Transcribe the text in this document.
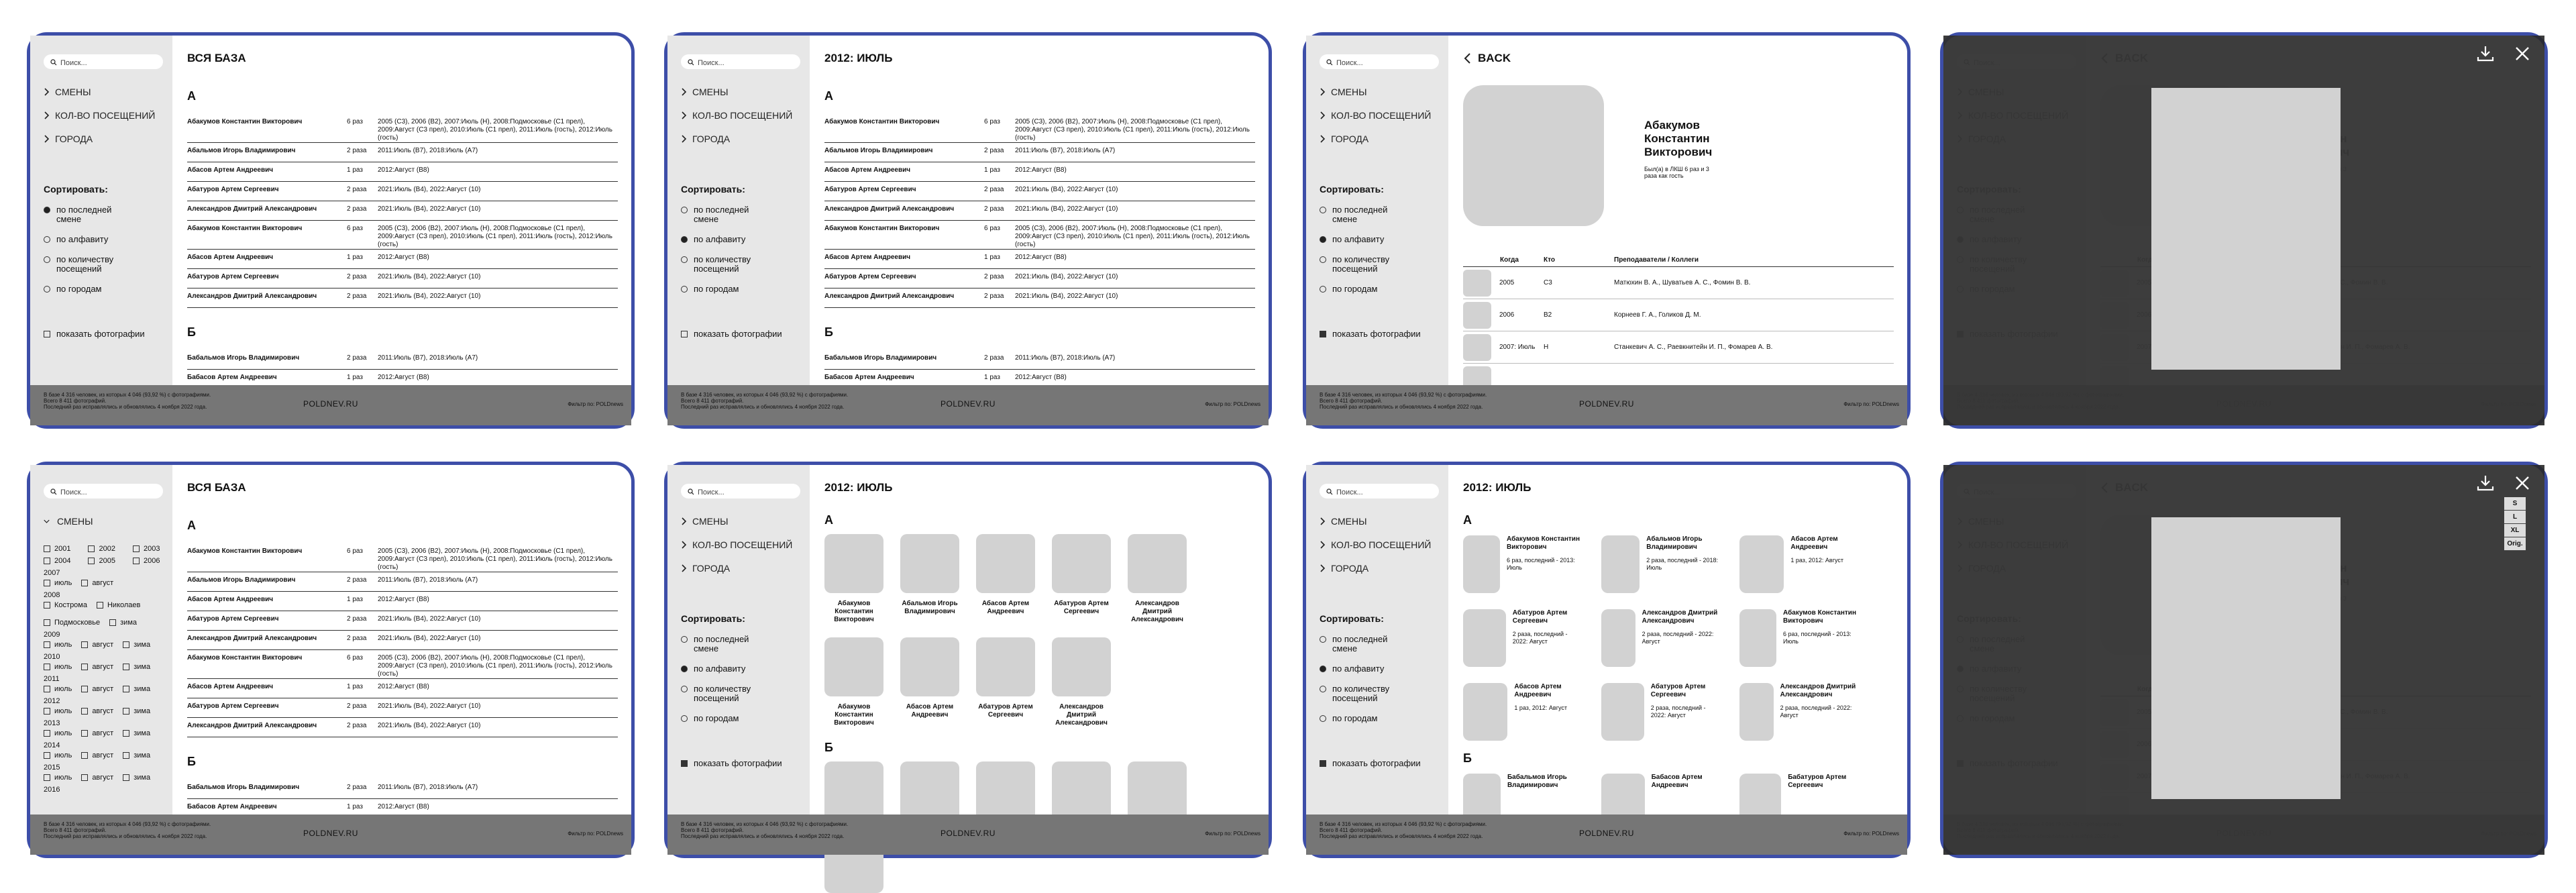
Поиск...
СМЕНЫ
КОЛ-ВО ПОСЕЩЕНИЙ
ГОРОДА
Сортировать:
по последней смене
по алфавиту
по количеству посещений
по городам
показать фотографии
ВСЯ БАЗА
А
Абакумов Константин Викторович	6 раз	2005 (С3), 2006 (В2), 2007:Июль (Н), 2008:Подмосковье (С1 прел), 2009:Август (С3 прел), 2010:Июль (С1 прел), 2011:Июль (гость), 2012:Июль (гость)
Абальмов Игорь Владимирович	2 раза	2011:Июль (В7), 2018:Июль (А7)
Абасов Артем Андреевич	1 раз	2012:Август (В8)
Абатуров Артем Сергеевич	2 раза	2021:Июль (В4), 2022:Август (10)
Александров Дмитрий Александрович	2 раза	2021:Июль (В4), 2022:Август (10)
Абакумов Константин Викторович	6 раз	2005 (С3), 2006 (В2), 2007:Июль (Н), 2008:Подмосковье (С1 прел), 2009:Август (С3 прел), 2010:Июль (С1 прел), 2011:Июль (гость), 2012:Июль (гость)
Абасов Артем Андреевич	1 раз	2012:Август (В8)
Абатуров Артем Сергеевич	2 раза	2021:Июль (В4), 2022:Август (10)
Александров Дмитрий Александрович	2 раза	2021:Июль (В4), 2022:Август (10)
Б
Бабальмов Игорь Владимирович	2 раза	2011:Июль (В7), 2018:Июль (А7)
Бабасов Артем Андреевич	1 раз	2012:Август (В8)
В базе 4 316 человек, из которых 4 046 (93,92 %) с фотографиями.
Всего 8 411 фотографий.
Последний раз исправлялись и обновлялись 4 ноября 2022 года.	POLDNEV.RU	Фильтр по: POLDnews
Поиск...
СМЕНЫ
КОЛ-ВО ПОСЕЩЕНИЙ
ГОРОДА
Сортировать:
по последней смене
по алфавиту
по количеству посещений
по городам
показать фотографии
2012: ИЮЛЬ
А
Абакумов Константин Викторович	6 раз	2005 (С3), 2006 (В2), 2007:Июль (Н), 2008:Подмосковье (С1 прел), 2009:Август (С3 прел), 2010:Июль (С1 прел), 2011:Июль (гость), 2012:Июль (гость)
Абальмов Игорь Владимирович	2 раза	2011:Июль (В7), 2018:Июль (А7)
Абасов Артем Андреевич	1 раз	2012:Август (В8)
Абатуров Артем Сергеевич	2 раза	2021:Июль (В4), 2022:Август (10)
Александров Дмитрий Александрович	2 раза	2021:Июль (В4), 2022:Август (10)
Абакумов Константин Викторович	6 раз	2005 (С3), 2006 (В2), 2007:Июль (Н), 2008:Подмосковье (С1 прел), 2009:Август (С3 прел), 2010:Июль (С1 прел), 2011:Июль (гость), 2012:Июль (гость)
Абасов Артем Андреевич	1 раз	2012:Август (В8)
Абатуров Артем Сергеевич	2 раза	2021:Июль (В4), 2022:Август (10)
Александров Дмитрий Александрович	2 раза	2021:Июль (В4), 2022:Август (10)
Б
Бабальмов Игорь Владимирович	2 раза	2011:Июль (В7), 2018:Июль (А7)
Бабасов Артем Андреевич	1 раз	2012:Август (В8)
В базе 4 316 человек, из которых 4 046 (93,92 %) с фотографиями.
Всего 8 411 фотографий.
Последний раз исправлялись и обновлялись 4 ноября 2022 года.	POLDNEV.RU	Фильтр по: POLDnews
Поиск...
СМЕНЫ
КОЛ-ВО ПОСЕЩЕНИЙ
ГОРОДА
Сортировать:
по последней смене
по алфавиту
по количеству посещений
по городам
показать фотографии
BACK
Абакумов Константин Викторович
Был(а) в ЛКШ 6 раз и 3 раза как гость
Когда	Кто	Преподаватели / Коллеги
2005	С3	Матюхин В. А., Шуватьев А. С., Фомин В. В.
2006	В2	Корнеев Г. А., Голиков Д. М.
2007: Июль	Н	Станкевич А. С., Раевкнитейн И. П., Фомарев А. В.
В базе 4 316 человек, из которых 4 046 (93,92 %) с фотографиями.
Всего 8 411 фотографий.
Последний раз исправлялись и обновлялись 4 ноября 2022 года.	POLDNEV.RU	Фильтр по: POLDnews
Поиск...
СМЕНЫ
2001	2002	2003
2004	2005	2006
2007
июль	август
2008
Кострома	Николаев
Подмосковье	зима
2009
июль	август	зима
2010
июль	август	зима
2011
июль	август	зима
2012
июль	август	зима
2013
июль	август	зима
2014
июль	август	зима
2015
июль	август	зима
2016
ВСЯ БАЗА
А
Абакумов Константин Викторович	6 раз	2005 (С3), 2006 (В2), 2007:Июль (Н), 2008:Подмосковье (С1 прел), 2009:Август (С3 прел), 2010:Июль (С1 прел), 2011:Июль (гость), 2012:Июль (гость)
Абальмов Игорь Владимирович	2 раза	2011:Июль (В7), 2018:Июль (А7)
Абасов Артем Андреевич	1 раз	2012:Август (В8)
Абатуров Артем Сергеевич	2 раза	2021:Июль (В4), 2022:Август (10)
Александров Дмитрий Александрович	2 раза	2021:Июль (В4), 2022:Август (10)
Абакумов Константин Викторович	6 раз	2005 (С3), 2006 (В2), 2007:Июль (Н), 2008:Подмосковье (С1 прел), 2009:Август (С3 прел), 2010:Июль (С1 прел), 2011:Июль (гость), 2012:Июль (гость)
Абасов Артем Андреевич	1 раз	2012:Август (В8)
Абатуров Артем Сергеевич	2 раза	2021:Июль (В4), 2022:Август (10)
Александров Дмитрий Александрович	2 раза	2021:Июль (В4), 2022:Август (10)
Б
Бабальмов Игорь Владимирович	2 раза	2011:Июль (В7), 2018:Июль (А7)
Бабасов Артем Андреевич	1 раз	2012:Август (В8)
В базе 4 316 человек, из которых 4 046 (93,92 %) с фотографиями.
Всего 8 411 фотографий.
Последний раз исправлялись и обновлялись 4 ноября 2022 года.	POLDNEV.RU	Фильтр по: POLDnews
Поиск...
СМЕНЫ
КОЛ-ВО ПОСЕЩЕНИЙ
ГОРОДА
Сортировать:
по последней смене
по алфавиту
по количеству посещений
по городам
показать фотографии
2012: ИЮЛЬ
А
Абакумов Константин Викторович
Абальмов Игорь Владимирович
Абасов Артем Андреевич
Абатуров Артем Сергеевич
Александров Дмитрий Александрович
Абакумов Константин Викторович
Абасов Артем Андреевич
Абатуров Артем Сергеевич
Александров Дмитрий Александрович
Б
В базе 4 316 человек, из которых 4 046 (93,92 %) с фотографиями.
Всего 8 411 фотографий.
Последний раз исправлялись и обновлялись 4 ноября 2022 года.	POLDNEV.RU	Фильтр по: POLDnews
Поиск...
СМЕНЫ
КОЛ-ВО ПОСЕЩЕНИЙ
ГОРОДА
Сортировать:
по последней смене
по алфавиту
по количеству посещений
по городам
показать фотографии
2012: ИЮЛЬ
А
Абакумов Константин Викторович
6 раз, последний - 2013: Июль
Абальмов Игорь Владимирович
2 раза, последний - 2018: Июль
Абасов Артем Андреевич
1 раз, 2012: Август
Абатуров Артем Сергеевич
2 раза, последний - 2022: Август
Александров Дмитрий Александрович
2 раза, последний - 2022: Август
Абакумов Константин Викторович
6 раз, последний - 2013: Июль
Абасов Артем Андреевич
1 раз, 2012: Август
Абатуров Артем Сергеевич
2 раза, последний - 2022: Август
Александров Дмитрий Александрович
2 раза, последний - 2022: Август
Б
Бабальмов Игорь Владимирович
Бабасов Артем Андреевич
Бабатуров Артем Сергеевич
В базе 4 316 человек, из которых 4 046 (93,92 %) с фотографиями.
Всего 8 411 фотографий.
Последний раз исправлялись и обновлялись 4 ноября 2022 года.	POLDNEV.RU	Фильтр по: POLDnews
S
L
XL
Orig.
